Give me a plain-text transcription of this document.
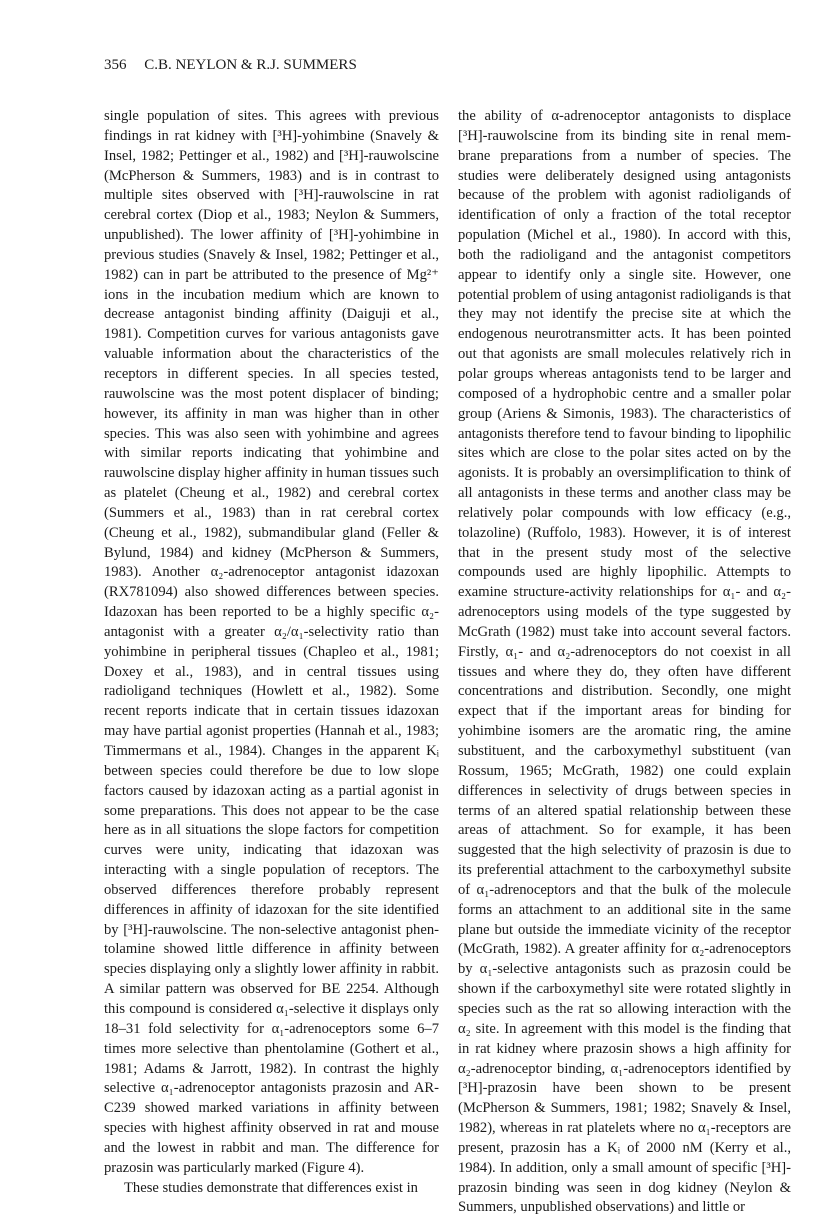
356 C.B. NEYLON & R.J. SUMMERS

single population of sites. This agrees with previous findings in rat kidney with [³H]-yohimbine (Snavely & Insel, 1982; Pettinger et al., 1982) and [³H]-rauwolscine (McPherson & Summers, 1983) and is in contrast to multiple sites observed with [³H]-rauwolscine in rat cerebral cortex (Diop et al., 1983; Neylon & Summers, unpublished). The lower affinity of [³H]-yohimbine in previous studies (Snavely & Insel, 1982; Pettinger et al., 1982) can in part be attributed to the presence of Mg²⁺ ions in the incubation medium which are known to decrease antagonist binding affinity (Daiguji et al., 1981). Competition curves for various antagonists gave valuable information about the characteristics of the receptors in different species. In all species tested, rauwolscine was the most potent displacer of binding; however, its affinity in man was higher than in other species. This was also seen with yohimbine and agrees with similar reports indicating that yohimbine and rauwolscine display higher affinity in human tissues such as platelet (Cheung et al., 1982) and cerebral cortex (Summers et al., 1983) than in rat cerebral cortex (Cheung et al., 1982), submandibular gland (Feller & Bylund, 1984) and kidney (McPherson & Summers, 1983). Another α₂-adrenoceptor antagonist idazoxan (RX781094) also showed differences between species. Idazoxan has been reported to be a highly specific α₂-antagonist with a greater α₂/α₁-selectivity ratio than yohimbine in peripheral tissues (Chapleo et al., 1981; Doxey et al., 1983), and in central tissues using radioligand techniques (Howlett et al., 1982). Some recent reports indicate that in certain tissues idazoxan may have partial agonist properties (Hannah et al., 1983; Timmermans et al., 1984). Changes in the apparent Kᵢ between species could therefore be due to low slope factors caused by idazoxan acting as a partial agonist in some preparations. This does not appear to be the case here as in all situations the slope factors for competition curves were unity, indicating that idazoxan was interacting with a single population of receptors. The observed differences therefore probably represent differences in affinity of idazoxan for the site identified by [³H]-rauwolscine. The non-selective antagonist phentolamine showed little difference in affinity between species displaying only a slightly lower affinity in rabbit. A similar pattern was observed for BE 2254. Although this compound is considered α₁-selective it displays only 18–31 fold selectivity for α₁-adrenoceptors some 6–7 times more selective than phentolamine (Gothert et al., 1981; Adams & Jarrott, 1982). In contrast the highly selective α₁-adrenoceptor antagonists prazosin and AR-C239 showed marked variations in affinity between species with highest affinity observed in rat and mouse and the lowest in rabbit and man. The difference for prazosin was particularly marked (Figure 4).

These studies demonstrate that differences exist in

the ability of α-adrenoceptor antagonists to displace [³H]-rauwolscine from its binding site in renal membrane preparations from a number of species. The studies were deliberately designed using antagonists because of the problem with agonist radioligands of identification of only a fraction of the total receptor population (Michel et al., 1980). In accord with this, both the radioligand and the antagonist competitors appear to identify only a single site. However, one potential problem of using antagonist radioligands is that they may not identify the precise site at which the endogenous neurotransmitter acts. It has been pointed out that agonists are small molecules relatively rich in polar groups whereas antagonists tend to be larger and composed of a hydrophobic centre and a smaller polar group (Ariens & Simonis, 1983). The characteristics of antagonists therefore tend to favour binding to lipophilic sites which are close to the polar sites acted on by the agonists. It is probably an oversimplification to think of all antagonists in these terms and another class may be relatively polar compounds with low efficacy (e.g., tolazoline) (Ruffolo, 1983). However, it is of interest that in the present study most of the selective compounds used are highly lipophilic. Attempts to examine structure-activity relationships for α₁- and α₂-adrenoceptors using models of the type suggested by McGrath (1982) must take into account several factors. Firstly, α₁- and α₂-adrenoceptors do not coexist in all tissues and where they do, they often have different concentrations and distribution. Secondly, one might expect that if the important areas for binding for yohimbine isomers are the aromatic ring, the amine substituent, and the carboxymethyl substituent (van Rossum, 1965; McGrath, 1982) one could explain differences in selectivity of drugs between species in terms of an altered spatial relationship between these areas of attachment. So for example, it has been suggested that the high selectivity of prazosin is due to its preferential attachment to the carboxymethyl subsite of α₁-adrenoceptors and that the bulk of the molecule forms an attachment to an additional site in the same plane but outside the immediate vicinity of the receptor (McGrath, 1982). A greater affinity for α₂-adrenoceptors by α₁-selective antagonists such as prazosin could be shown if the carboxymethyl site were rotated slightly in species such as the rat so allowing interaction with the α₂ site. In agreement with this model is the finding that in rat kidney where prazosin shows a high affinity for α₂-adrenoceptor binding, α₁-adrenoceptors identified by [³H]-prazosin have been shown to be present (McPherson & Summers, 1981; 1982; Snavely & Insel, 1982), whereas in rat platelets where no α₁-receptors are present, prazosin has a Kᵢ of 2000 nM (Kerry et al., 1984). In addition, only a small amount of specific [³H]-prazosin binding was seen in dog kidney (Neylon & Summers, unpublished observations) and little or
